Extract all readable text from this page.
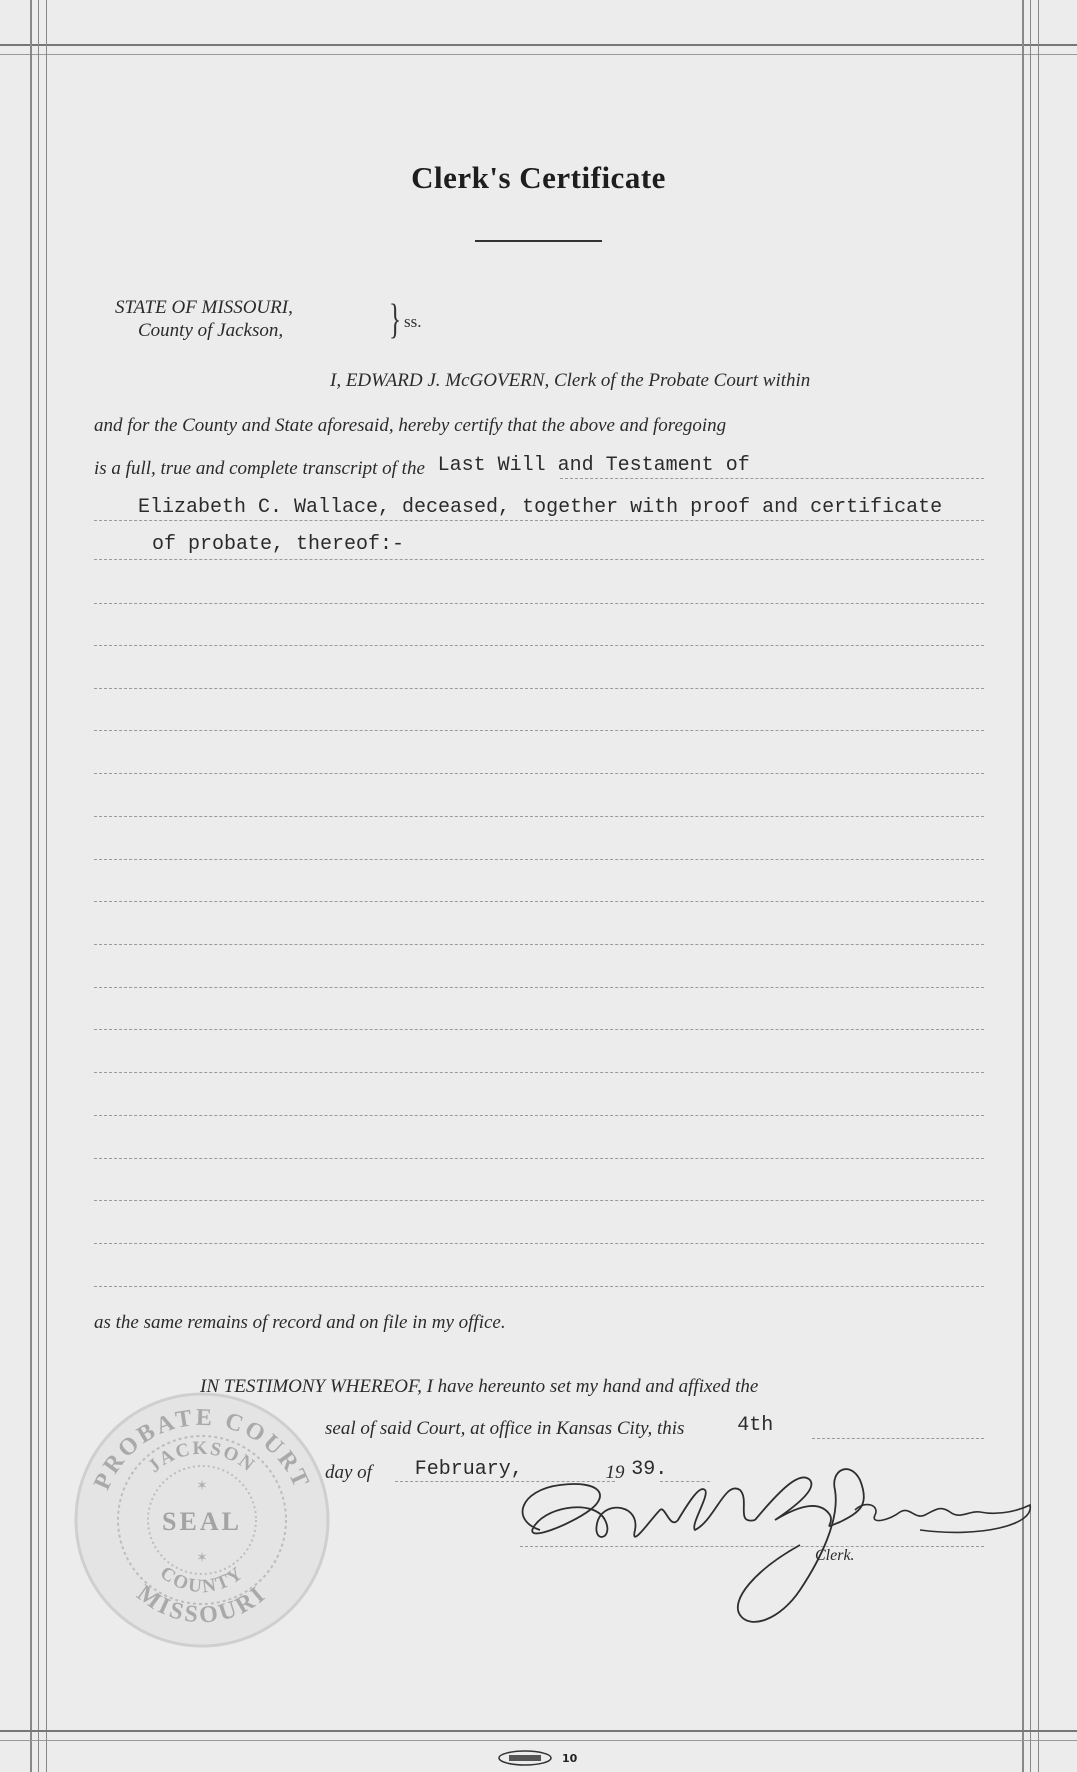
Clerk's Certificate
STATE OF MISSOURI,
County of Jackson,	} ss.
I, EDWARD J. McGOVERN, Clerk of the Probate Court within
and for the County and State aforesaid, hereby certify that the above and foregoing
is a full, true and complete transcript of the Last Will and Testament of
Elizabeth C. Wallace, deceased, together with proof and certificate
of probate, thereof:-
as the same remains of record and on file in my office.
IN TESTIMONY WHEREOF, I have hereunto set my hand and affixed the
seal of said Court, at office in Kansas City, this	4th
day of February,	19 39.
PROBATE COURT
MISSOURI
JACKSON
COUNTY
SEAL
✶
✶
Edward J. McGovern
Clerk.
10
